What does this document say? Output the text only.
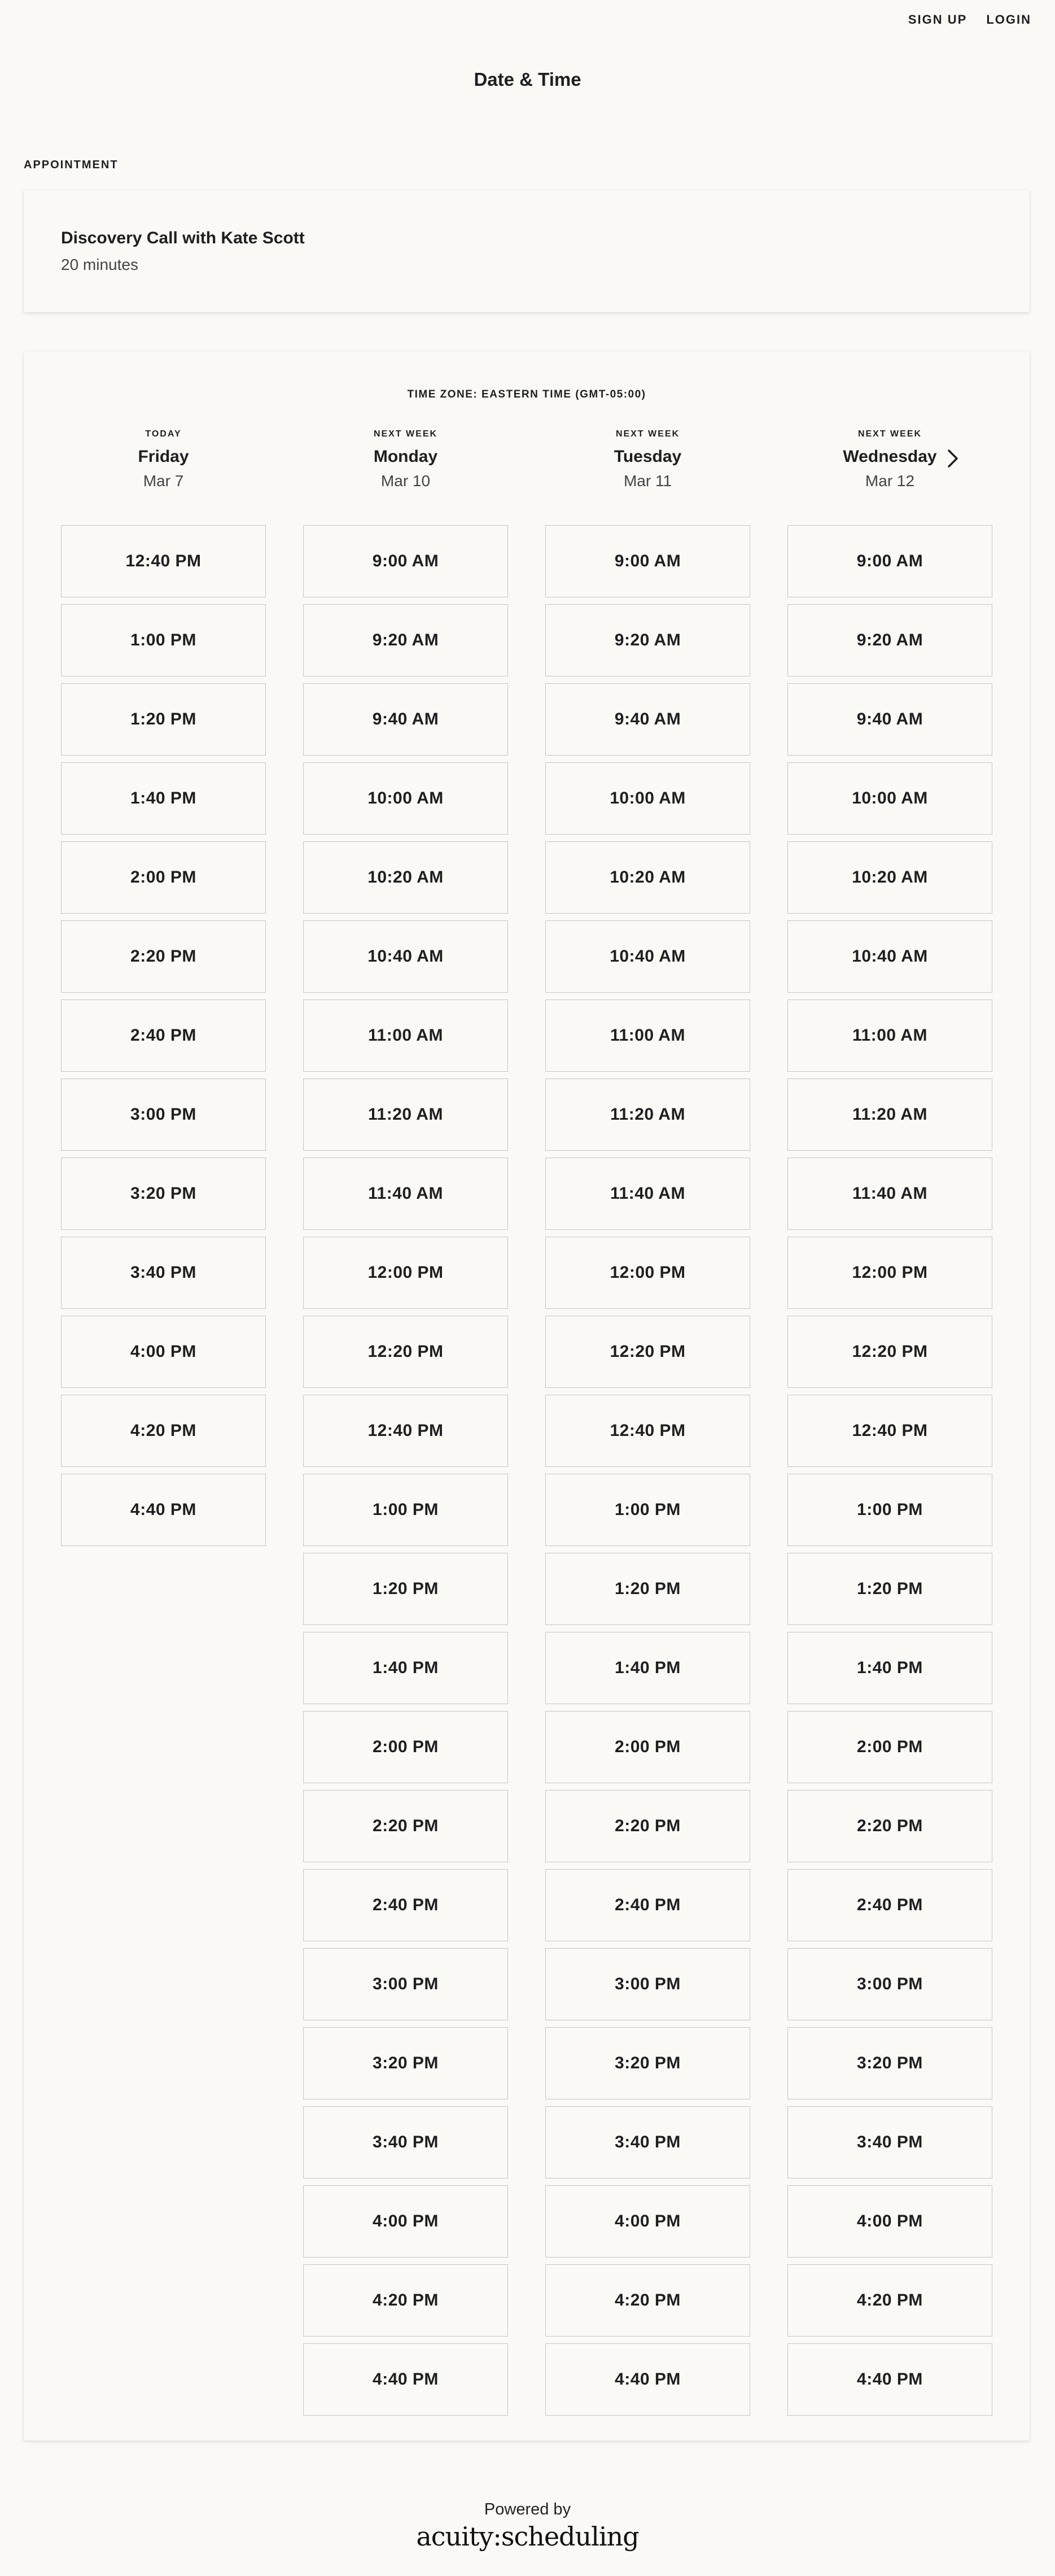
SIGN UP LOGIN
Date & Time
APPOINTMENT

Discovery Call with Kate Scott

20 minutes

TIME ZONE: EASTERN TIME (GMT-05:00)
TODAY
Friday
Mar 7
12:40 PM
1:00 PM
1:20 PM
1:40 PM
2:00 PM
2:20 PM
2:40 PM
3:00 PM
3:20 PM
3:40 PM
4:00 PM
4:20 PM
4:40 PM
NEXT WEEK
Monday
Mar 10
9:00 AM
9:20 AM
9:40 AM
10:00 AM
10:20 AM
10:40 AM
11:00 AM
11:20 AM
11:40 AM
12:00 PM
12:20 PM
12:40 PM
1:00 PM
1:20 PM
1:40 PM
2:00 PM
2:20 PM
2:40 PM
3:00 PM
3:20 PM
3:40 PM
4:00 PM
4:20 PM
4:40 PM
NEXT WEEK
Tuesday
Mar 11
9:00 AM
9:20 AM
9:40 AM
10:00 AM
10:20 AM
10:40 AM
11:00 AM
11:20 AM
11:40 AM
12:00 PM
12:20 PM
12:40 PM
1:00 PM
1:20 PM
1:40 PM
2:00 PM
2:20 PM
2:40 PM
3:00 PM
3:20 PM
3:40 PM
4:00 PM
4:20 PM
4:40 PM
NEXT WEEK
Wednesday
Mar 12
9:00 AM
9:20 AM
9:40 AM
10:00 AM
10:20 AM
10:40 AM
11:00 AM
11:20 AM
11:40 AM
12:00 PM
12:20 PM
12:40 PM
1:00 PM
1:20 PM
1:40 PM
2:00 PM
2:20 PM
2:40 PM
3:00 PM
3:20 PM
3:40 PM
4:00 PM
4:20 PM
4:40 PM
Powered by
acuity:scheduling
